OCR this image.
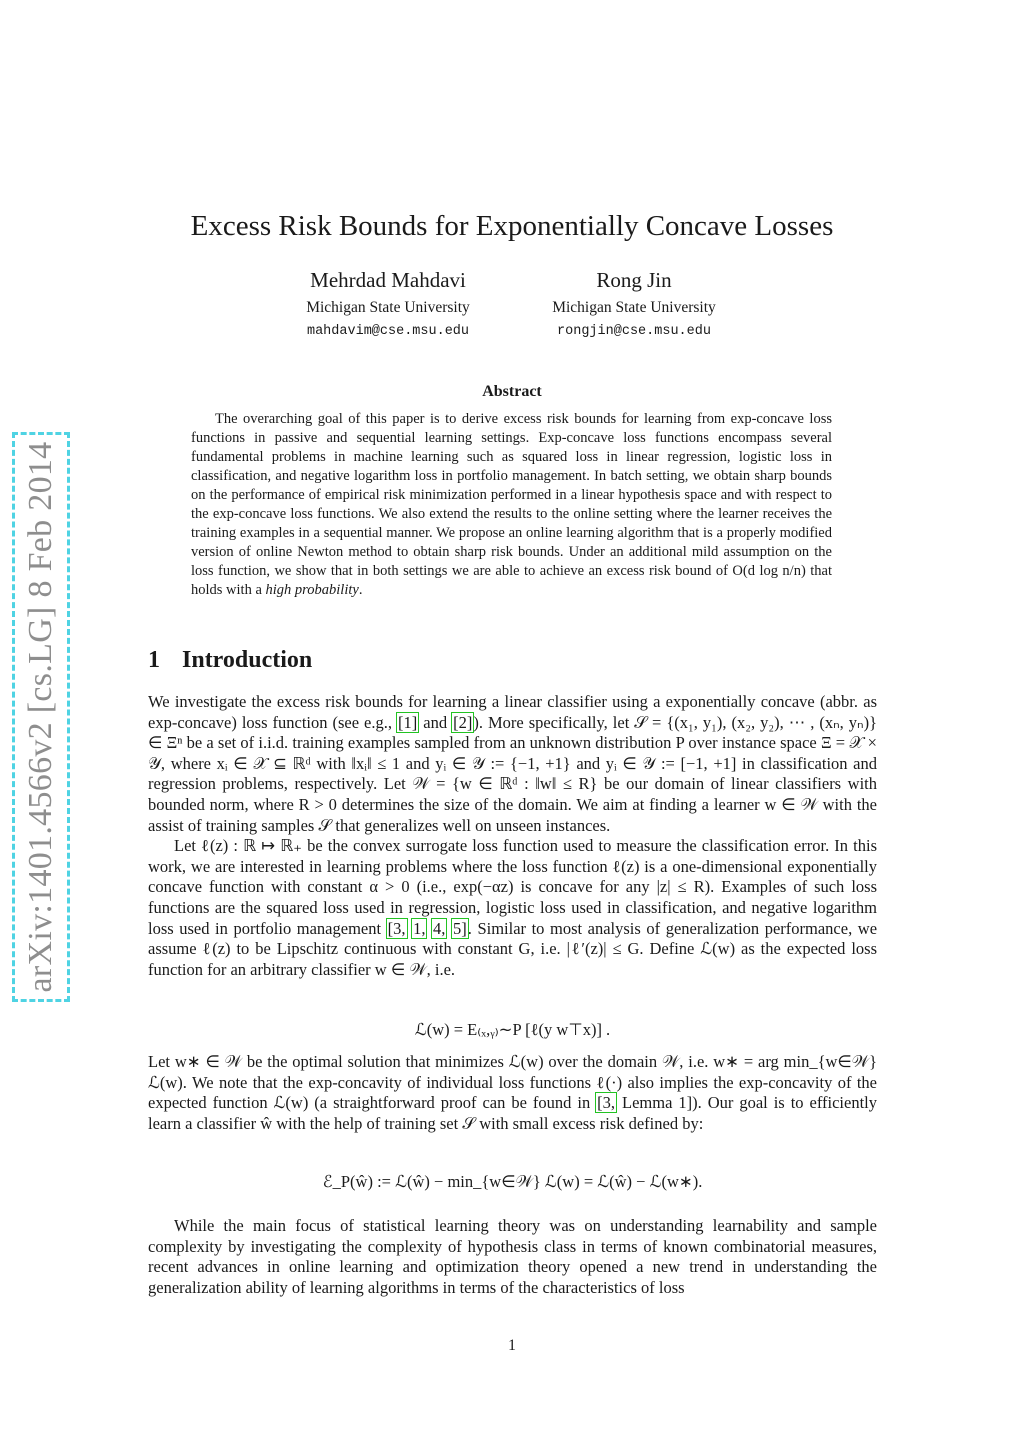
arXiv:1401.4566v2 [cs.LG] 8 Feb 2014
Excess Risk Bounds for Exponentially Concave Losses
Mehrdad Mahdavi
Michigan State University
mahdavim@cse.msu.edu
Rong Jin
Michigan State University
rongjin@cse.msu.edu
Abstract

The overarching goal of this paper is to derive excess risk bounds for learning from exp-concave loss functions in passive and sequential learning settings. Exp-concave loss functions encompass several fundamental problems in machine learning such as squared loss in linear regression, logistic loss in classification, and negative logarithm loss in portfolio management. In batch setting, we obtain sharp bounds on the performance of empirical risk minimization performed in a linear hypothesis space and with respect to the exp-concave loss functions. We also extend the results to the online setting where the learner receives the training examples in a sequential manner. We propose an online learning algorithm that is a properly modified version of online Newton method to obtain sharp risk bounds. Under an additional mild assumption on the loss function, we show that in both settings we are able to achieve an excess risk bound of O(d log n/n) that holds with a high probability.

1 Introduction

We investigate the excess risk bounds for learning a linear classifier using a exponentially concave (abbr. as exp-concave) loss function (see e.g., [1] and [2]). More specifically, let 𝒮 = {(x₁, y₁), (x₂, y₂), ⋯ , (xₙ, yₙ)} ∈ Ξⁿ be a set of i.i.d. training examples sampled from an unknown distribution P over instance space Ξ = 𝒳 × 𝒴, where xᵢ ∈ 𝒳 ⊆ ℝᵈ with ‖xᵢ‖ ≤ 1 and yᵢ ∈ 𝒴 := {−1, +1} and yᵢ ∈ 𝒴 := [−1, +1] in classification and regression problems, respectively. Let 𝒲 = {w ∈ ℝᵈ : ‖w‖ ≤ R} be our domain of linear classifiers with bounded norm, where R > 0 determines the size of the domain. We aim at finding a learner w ∈ 𝒲 with the assist of training samples 𝒮 that generalizes well on unseen instances.

Let ℓ(z) : ℝ ↦ ℝ₊ be the convex surrogate loss function used to measure the classification error. In this work, we are interested in learning problems where the loss function ℓ(z) is a one-dimensional exponentially concave function with constant α > 0 (i.e., exp(−αz) is concave for any |z| ≤ R). Examples of such loss functions are the squared loss used in regression, logistic loss used in classification, and negative logarithm loss used in portfolio management [3, 1, 4, 5]. Similar to most analysis of generalization performance, we assume ℓ(z) to be Lipschitz continuous with constant G, i.e. |ℓ′(z)| ≤ G. Define ℒ(w) as the expected loss function for an arbitrary classifier w ∈ 𝒲, i.e.

ℒ(w) = E₍ₓ,ᵧ₎∼P [ℓ(y w⊤x)] .

Let w∗ ∈ 𝒲 be the optimal solution that minimizes ℒ(w) over the domain 𝒲, i.e. w∗ = arg min_{w∈𝒲} ℒ(w). We note that the exp-concavity of individual loss functions ℓ(·) also implies the exp-concavity of the expected function ℒ(w) (a straightforward proof can be found in [3, Lemma 1]). Our goal is to efficiently learn a classifier ŵ with the help of training set 𝒮 with small excess risk defined by:

ℰ_P(ŵ) := ℒ(ŵ) − min_{w∈𝒲} ℒ(w) = ℒ(ŵ) − ℒ(w∗).
While the main focus of statistical learning theory was on understanding learnability and sample complexity by investigating the complexity of hypothesis class in terms of known combinatorial measures, recent advances in online learning and optimization theory opened a new trend in understanding the generalization ability of learning algorithms in terms of the characteristics of loss
1
